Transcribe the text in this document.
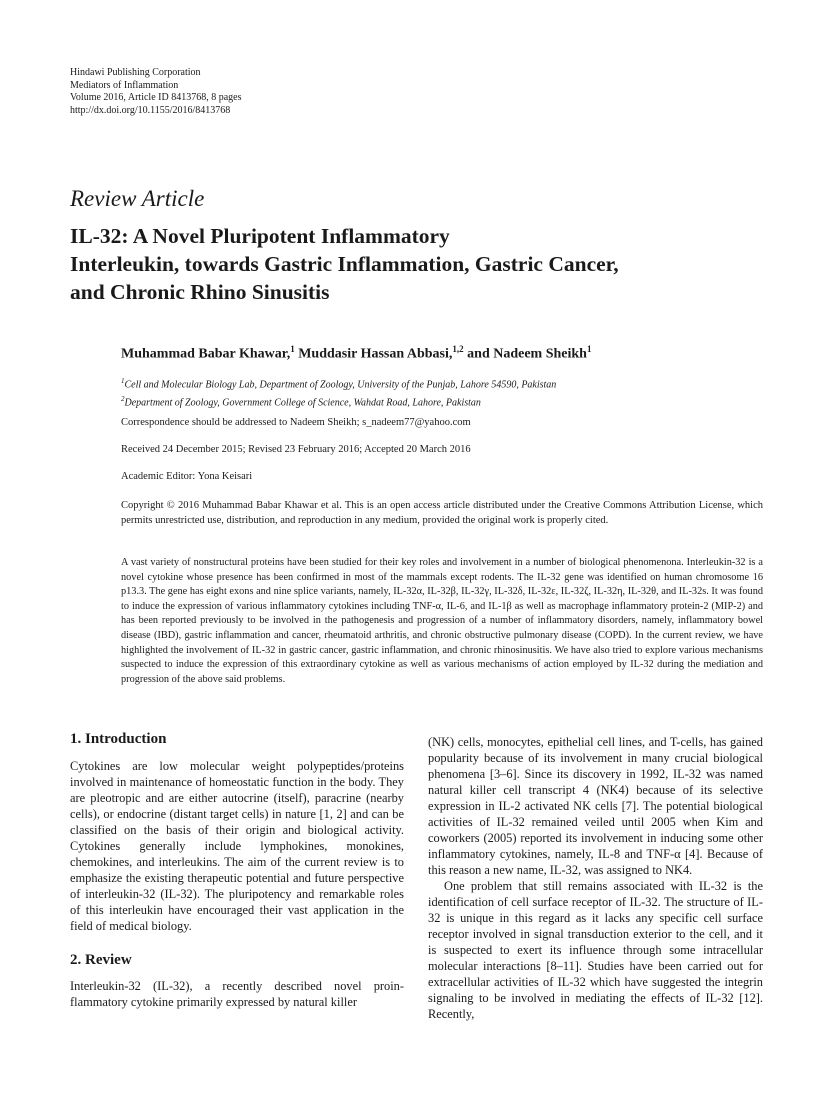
Hindawi Publishing Corporation
Mediators of Inflammation
Volume 2016, Article ID 8413768, 8 pages
http://dx.doi.org/10.1155/2016/8413768
Review Article
IL-32: A Novel Pluripotent Inflammatory
Interleukin, towards Gastric Inflammation, Gastric Cancer,
and Chronic Rhino Sinusitis
Muhammad Babar Khawar,$^1$ Muddasir Hassan Abbasi,$^{1,2}$ and Nadeem Sheikh$^1$
$^1$Cell and Molecular Biology Lab, Department of Zoology, University of the Punjab, Lahore 54590, Pakistan
$^2$Department of Zoology, Government College of Science, Wahdat Road, Lahore, Pakistan
Correspondence should be addressed to Nadeem Sheikh; s_nadeem77@yahoo.com
Received 24 December 2015; Revised 23 February 2016; Accepted 20 March 2016
Academic Editor: Yona Keisari
Copyright © 2016 Muhammad Babar Khawar et al. This is an open access article distributed under the Creative Commons Attribution License, which permits unrestricted use, distribution, and reproduction in any medium, provided the original work is properly cited.
A vast variety of nonstructural proteins have been studied for their key roles and involvement in a number of biological phenomenona. Interleukin-32 is a novel cytokine whose presence has been confirmed in most of the mammals except rodents. The IL-32 gene was identified on human chromosome 16 p13.3. The gene has eight exons and nine splice variants, namely, IL-32α, IL-32β, IL-32γ, IL-32δ, IL-32ε, IL-32ζ, IL-32η, IL-32θ, and IL-32s. It was found to induce the expression of various inflammatory cytokines including TNF-α, IL-6, and IL-1β as well as macrophage inflammatory protein-2 (MIP-2) and has been reported previously to be involved in the pathogenesis and progression of a number of inflammatory disorders, namely, inflammatory bowel disease (IBD), gastric inflammation and cancer, rheumatoid arthritis, and chronic obstructive pulmonary disease (COPD). In the current review, we have highlighted the involvement of IL-32 in gastric cancer, gastric inflammation, and chronic rhinosinusitis. We have also tried to explore various mechanisms suspected to induce the expression of this extraordinary cytokine as well as various mechanisms of action employed by IL-32 during the mediation and progression of the above said problems.
1. Introduction

Cytokines are low molecular weight polypeptides/proteins involved in maintenance of homeostatic function in the body. They are pleotropic and are either autocrine (itself), paracrine (nearby cells), or endocrine (distant target cells) in nature [1, 2] and can be classified on the basis of their origin and biological activity. Cytokines generally include lymphokines, monokines, chemokines, and interleukins. The aim of the current review is to emphasize the existing therapeutic potential and future perspective of interleukin-32 (IL-32). The pluripotency and remarkable roles of this interleukin have encouraged their vast application in the field of medical biology.

2. Review

Interleukin-32 (IL-32), a recently described novel proin-flammatory cytokine primarily expressed by natural killer

(NK) cells, monocytes, epithelial cell lines, and T-cells, has gained popularity because of its involvement in many crucial biological phenomena [3–6]. Since its discovery in 1992, IL-32 was named natural killer cell transcript 4 (NK4) because of its selective expression in IL-2 activated NK cells [7]. The potential biological activities of IL-32 remained veiled until 2005 when Kim and coworkers (2005) reported its involvement in inducing some other inflammatory cytokines, namely, IL-8 and TNF-α [4]. Because of this reason a new name, IL-32, was assigned to NK4.

One problem that still remains associated with IL-32 is the identification of cell surface receptor of IL-32. The structure of IL-32 is unique in this regard as it lacks any specific cell surface receptor involved in signal transduction exterior to the cell, and it is suspected to exert its influence through some intracellular molecular interactions [8–11]. Studies have been carried out for extracellular activities of IL-32 which have suggested the integrin signaling to be involved in mediating the effects of IL-32 [12]. Recently,
